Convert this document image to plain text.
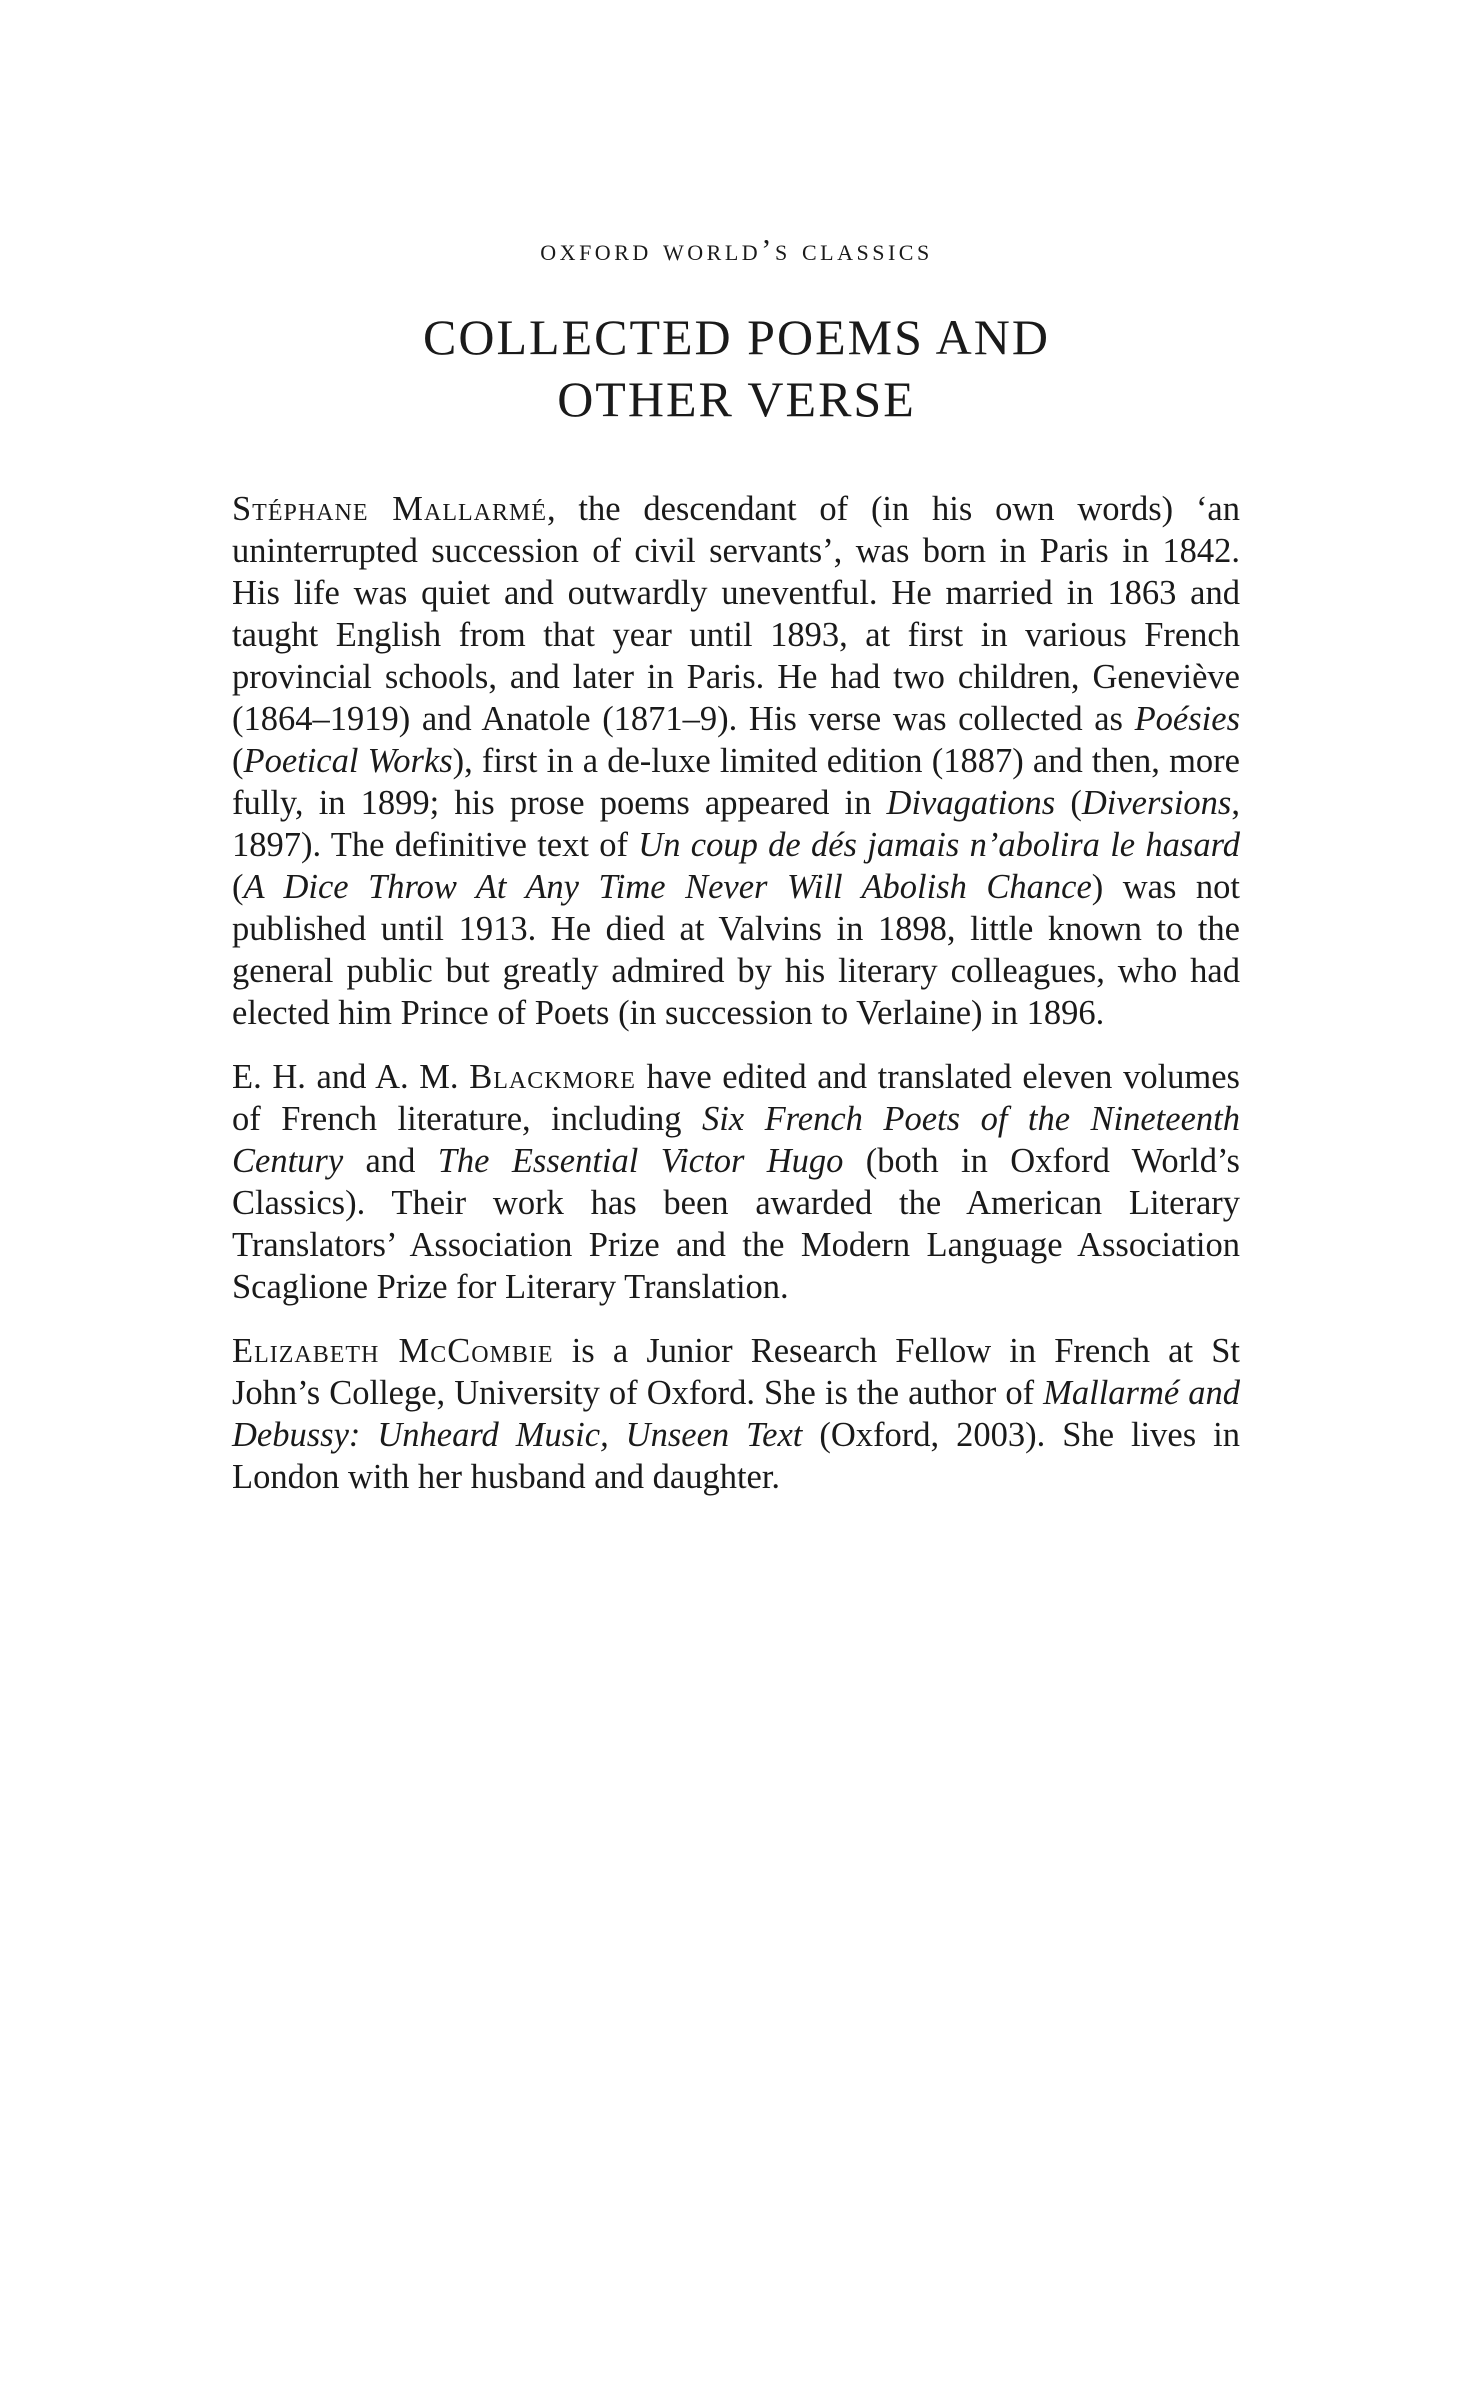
oxford world’s classics
COLLECTED POEMS AND
OTHER VERSE

Stéphane Mallarmé, the descendant of (in his own words) ‘an uninterrupted succession of civil servants’, was born in Paris in 1842. His life was quiet and outwardly uneventful. He married in 1863 and taught English from that year until 1893, at first in various French provincial schools, and later in Paris. He had two children, Geneviève (1864–1919) and Anatole (1871–9). His verse was collected as Poésies (Poetical Works), first in a de-luxe limited edition (1887) and then, more fully, in 1899; his prose poems appeared in Divagations (Diversions, 1897). The definitive text of Un coup de dés jamais n’abolira le hasard (A Dice Throw At Any Time Never Will Abolish Chance) was not published until 1913. He died at Valvins in 1898, little known to the general public but greatly admired by his literary colleagues, who had elected him Prince of Poets (in succession to Verlaine) in 1896.

E. H. and A. M. Blackmore have edited and translated eleven volumes of French literature, including Six French Poets of the Nineteenth Century and The Essential Victor Hugo (both in Oxford World’s Classics). Their work has been awarded the American Literary Translators’ Association Prize and the Modern Language Association Scaglione Prize for Literary Translation.

Elizabeth McCombie is a Junior Research Fellow in French at St John’s College, University of Oxford. She is the author of Mallarmé and Debussy: Unheard Music, Unseen Text (Oxford, 2003). She lives in London with her husband and daughter.
